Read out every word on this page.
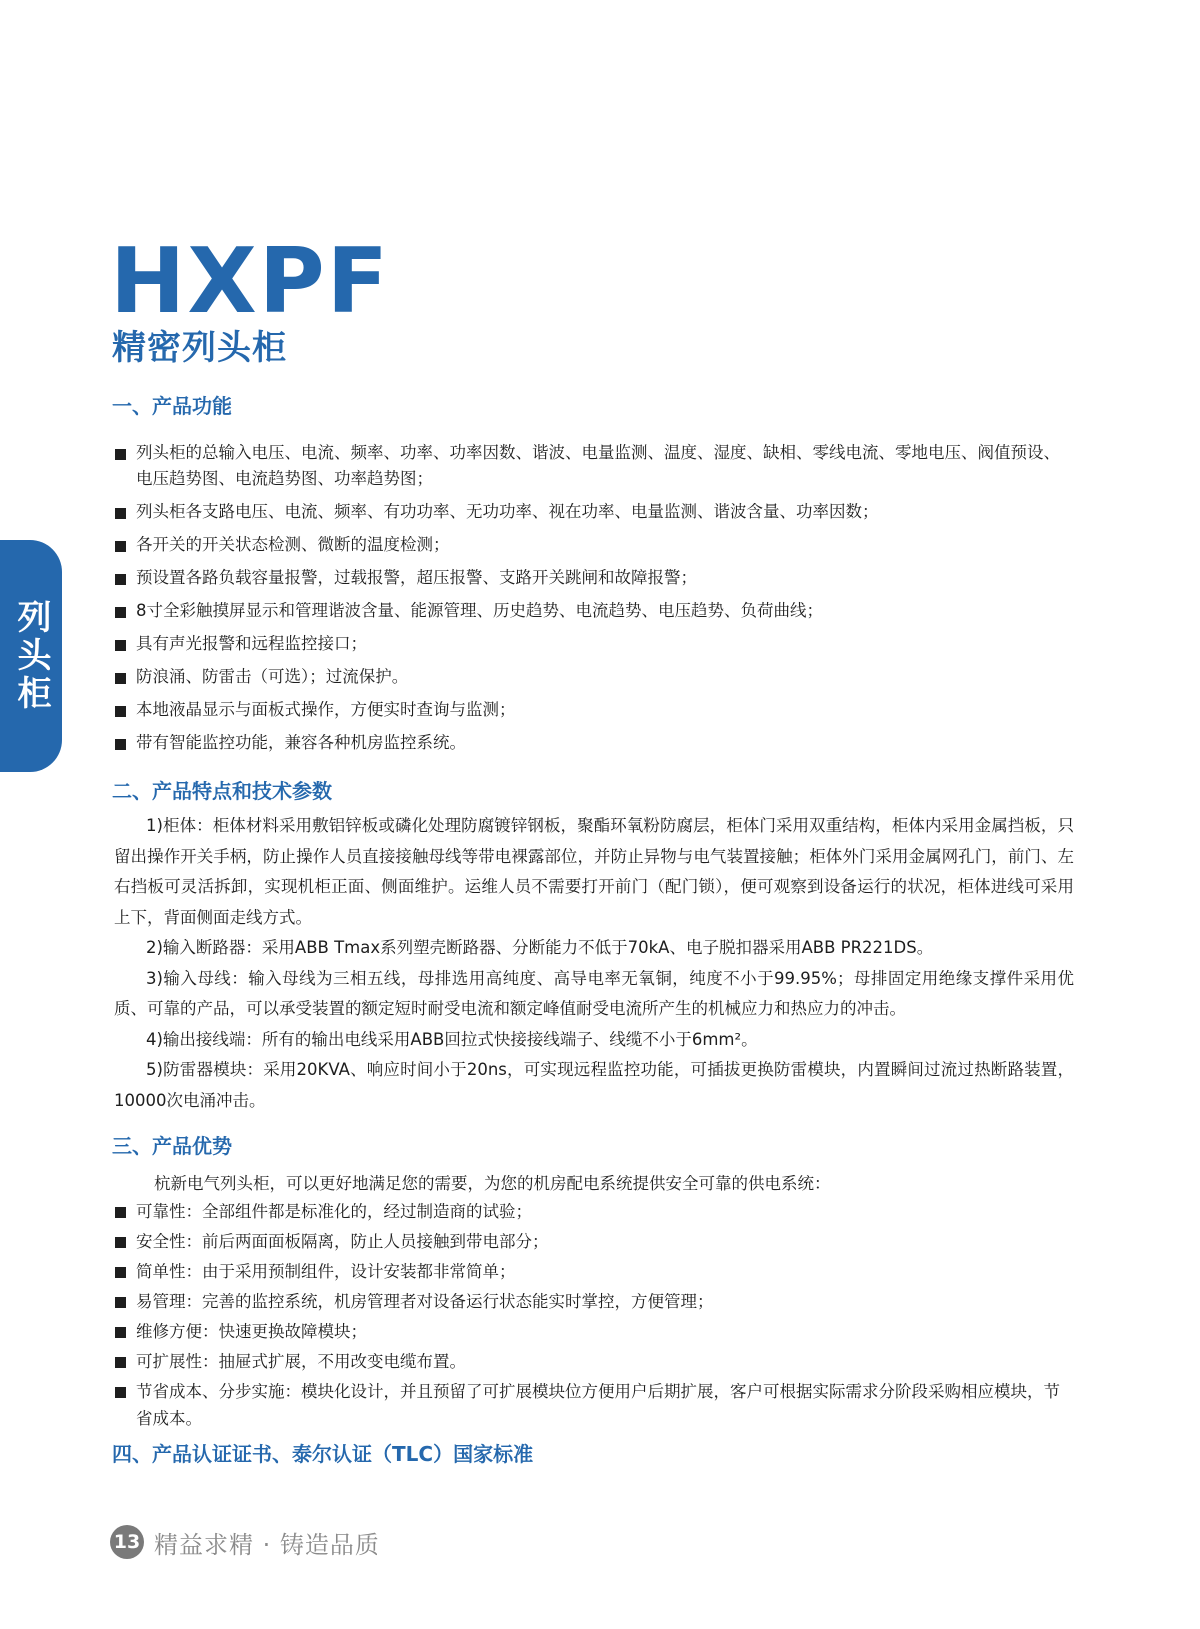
HXPF
精密列头柜
列头柜
一、产品功能
列头柜的总输入电压、电流、频率、功率、功率因数、谐波、电量监测、温度、湿度、缺相、零线电流、零地电压、阀值预设、电压趋势图、电流趋势图、功率趋势图；
列头柜各支路电压、电流、频率、有功功率、无功功率、视在功率、电量监测、谐波含量、功率因数；
各开关的开关状态检测、微断的温度检测；
预设置各路负载容量报警，过载报警，超压报警、支路开关跳闸和故障报警；
8寸全彩触摸屏显示和管理谐波含量、能源管理、历史趋势、电流趋势、电压趋势、负荷曲线；
具有声光报警和远程监控接口；
防浪涌、防雷击（可选）；过流保护。
本地液晶显示与面板式操作，方便实时查询与监测；
带有智能监控功能，兼容各种机房监控系统。
二、产品特点和技术参数

1)柜体：柜体材料采用敷铝锌板或磷化处理防腐镀锌钢板，聚酯环氧粉防腐层，柜体门采用双重结构，柜体内采用金属挡板，只留出操作开关手柄，防止操作人员直接接触母线等带电裸露部位，并防止异物与电气装置接触；柜体外门采用金属网孔门，前门、左右挡板可灵活拆卸，实现机柜正面、侧面维护。运维人员不需要打开前门（配门锁），便可观察到设备运行的状况，柜体进线可采用上下，背面侧面走线方式。

2)输入断路器：采用ABB Tmax系列塑壳断路器、分断能力不低于70kA、电子脱扣器采用ABB PR221DS。

3)输入母线：输入母线为三相五线，母排选用高纯度、高导电率无氧铜，纯度不小于99.95%；母排固定用绝缘支撑件采用优质、可靠的产品，可以承受装置的额定短时耐受电流和额定峰值耐受电流所产生的机械应力和热应力的冲击。

4)输出接线端：所有的输出电线采用ABB回拉式快接接线端子、线缆不小于6mm²。

5)防雷器模块：采用20KVA、响应时间小于20ns，可实现远程监控功能，可插拔更换防雷模块，内置瞬间过流过热断路装置，10000次电涌冲击。

三、产品优势
杭新电气列头柜，可以更好地满足您的需要，为您的机房配电系统提供安全可靠的供电系统：
可靠性：全部组件都是标准化的，经过制造商的试验；
安全性：前后两面面板隔离，防止人员接触到带电部分；
简单性：由于采用预制组件，设计安装都非常简单；
易管理：完善的监控系统，机房管理者对设备运行状态能实时掌控，方便管理；
维修方便：快速更换故障模块；
可扩展性：抽屉式扩展，不用改变电缆布置。
节省成本、分步实施：模块化设计，并且预留了可扩展模块位方便用户后期扩展，客户可根据实际需求分阶段采购相应模块，节省成本。
四、产品认证证书、泰尔认证（TLC）国家标准
13 精益求精 · 铸造品质
